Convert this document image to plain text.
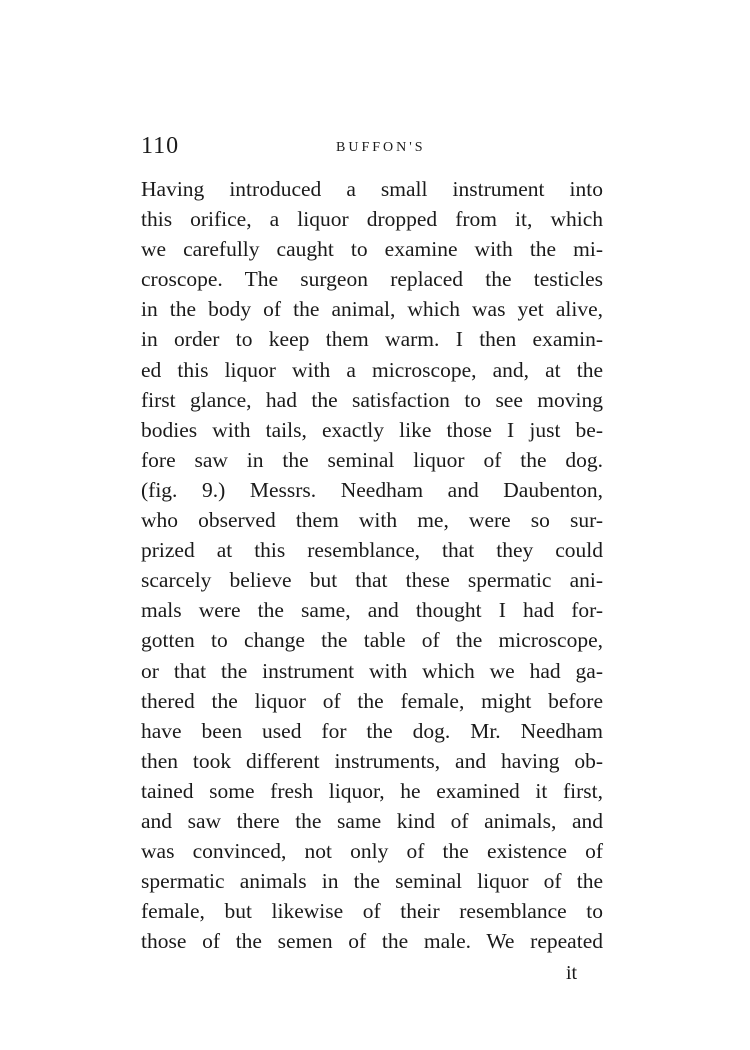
110	BUFFON'S
Having introduced a small instrument into
this orifice, a liquor dropped from it, which
we carefully caught to examine with the mi-
croscope. The surgeon replaced the testicles
in the body of the animal, which was yet alive,
in order to keep them warm. I then examin-
ed this liquor with a microscope, and, at the
first glance, had the satisfaction to see moving
bodies with tails, exactly like those I just be-
fore saw in the seminal liquor of the dog.
(fig. 9.) Messrs. Needham and Daubenton,
who observed them with me, were so sur-
prized at this resemblance, that they could
scarcely believe but that these spermatic ani-
mals were the same, and thought I had for-
gotten to change the table of the microscope,
or that the instrument with which we had ga-
thered the liquor of the female, might before
have been used for the dog. Mr. Needham
then took different instruments, and having ob-
tained some fresh liquor, he examined it first,
and saw there the same kind of animals, and
was convinced, not only of the existence of
spermatic animals in the seminal liquor of the
female, but likewise of their resemblance to
those of the semen of the male. We repeated
it
